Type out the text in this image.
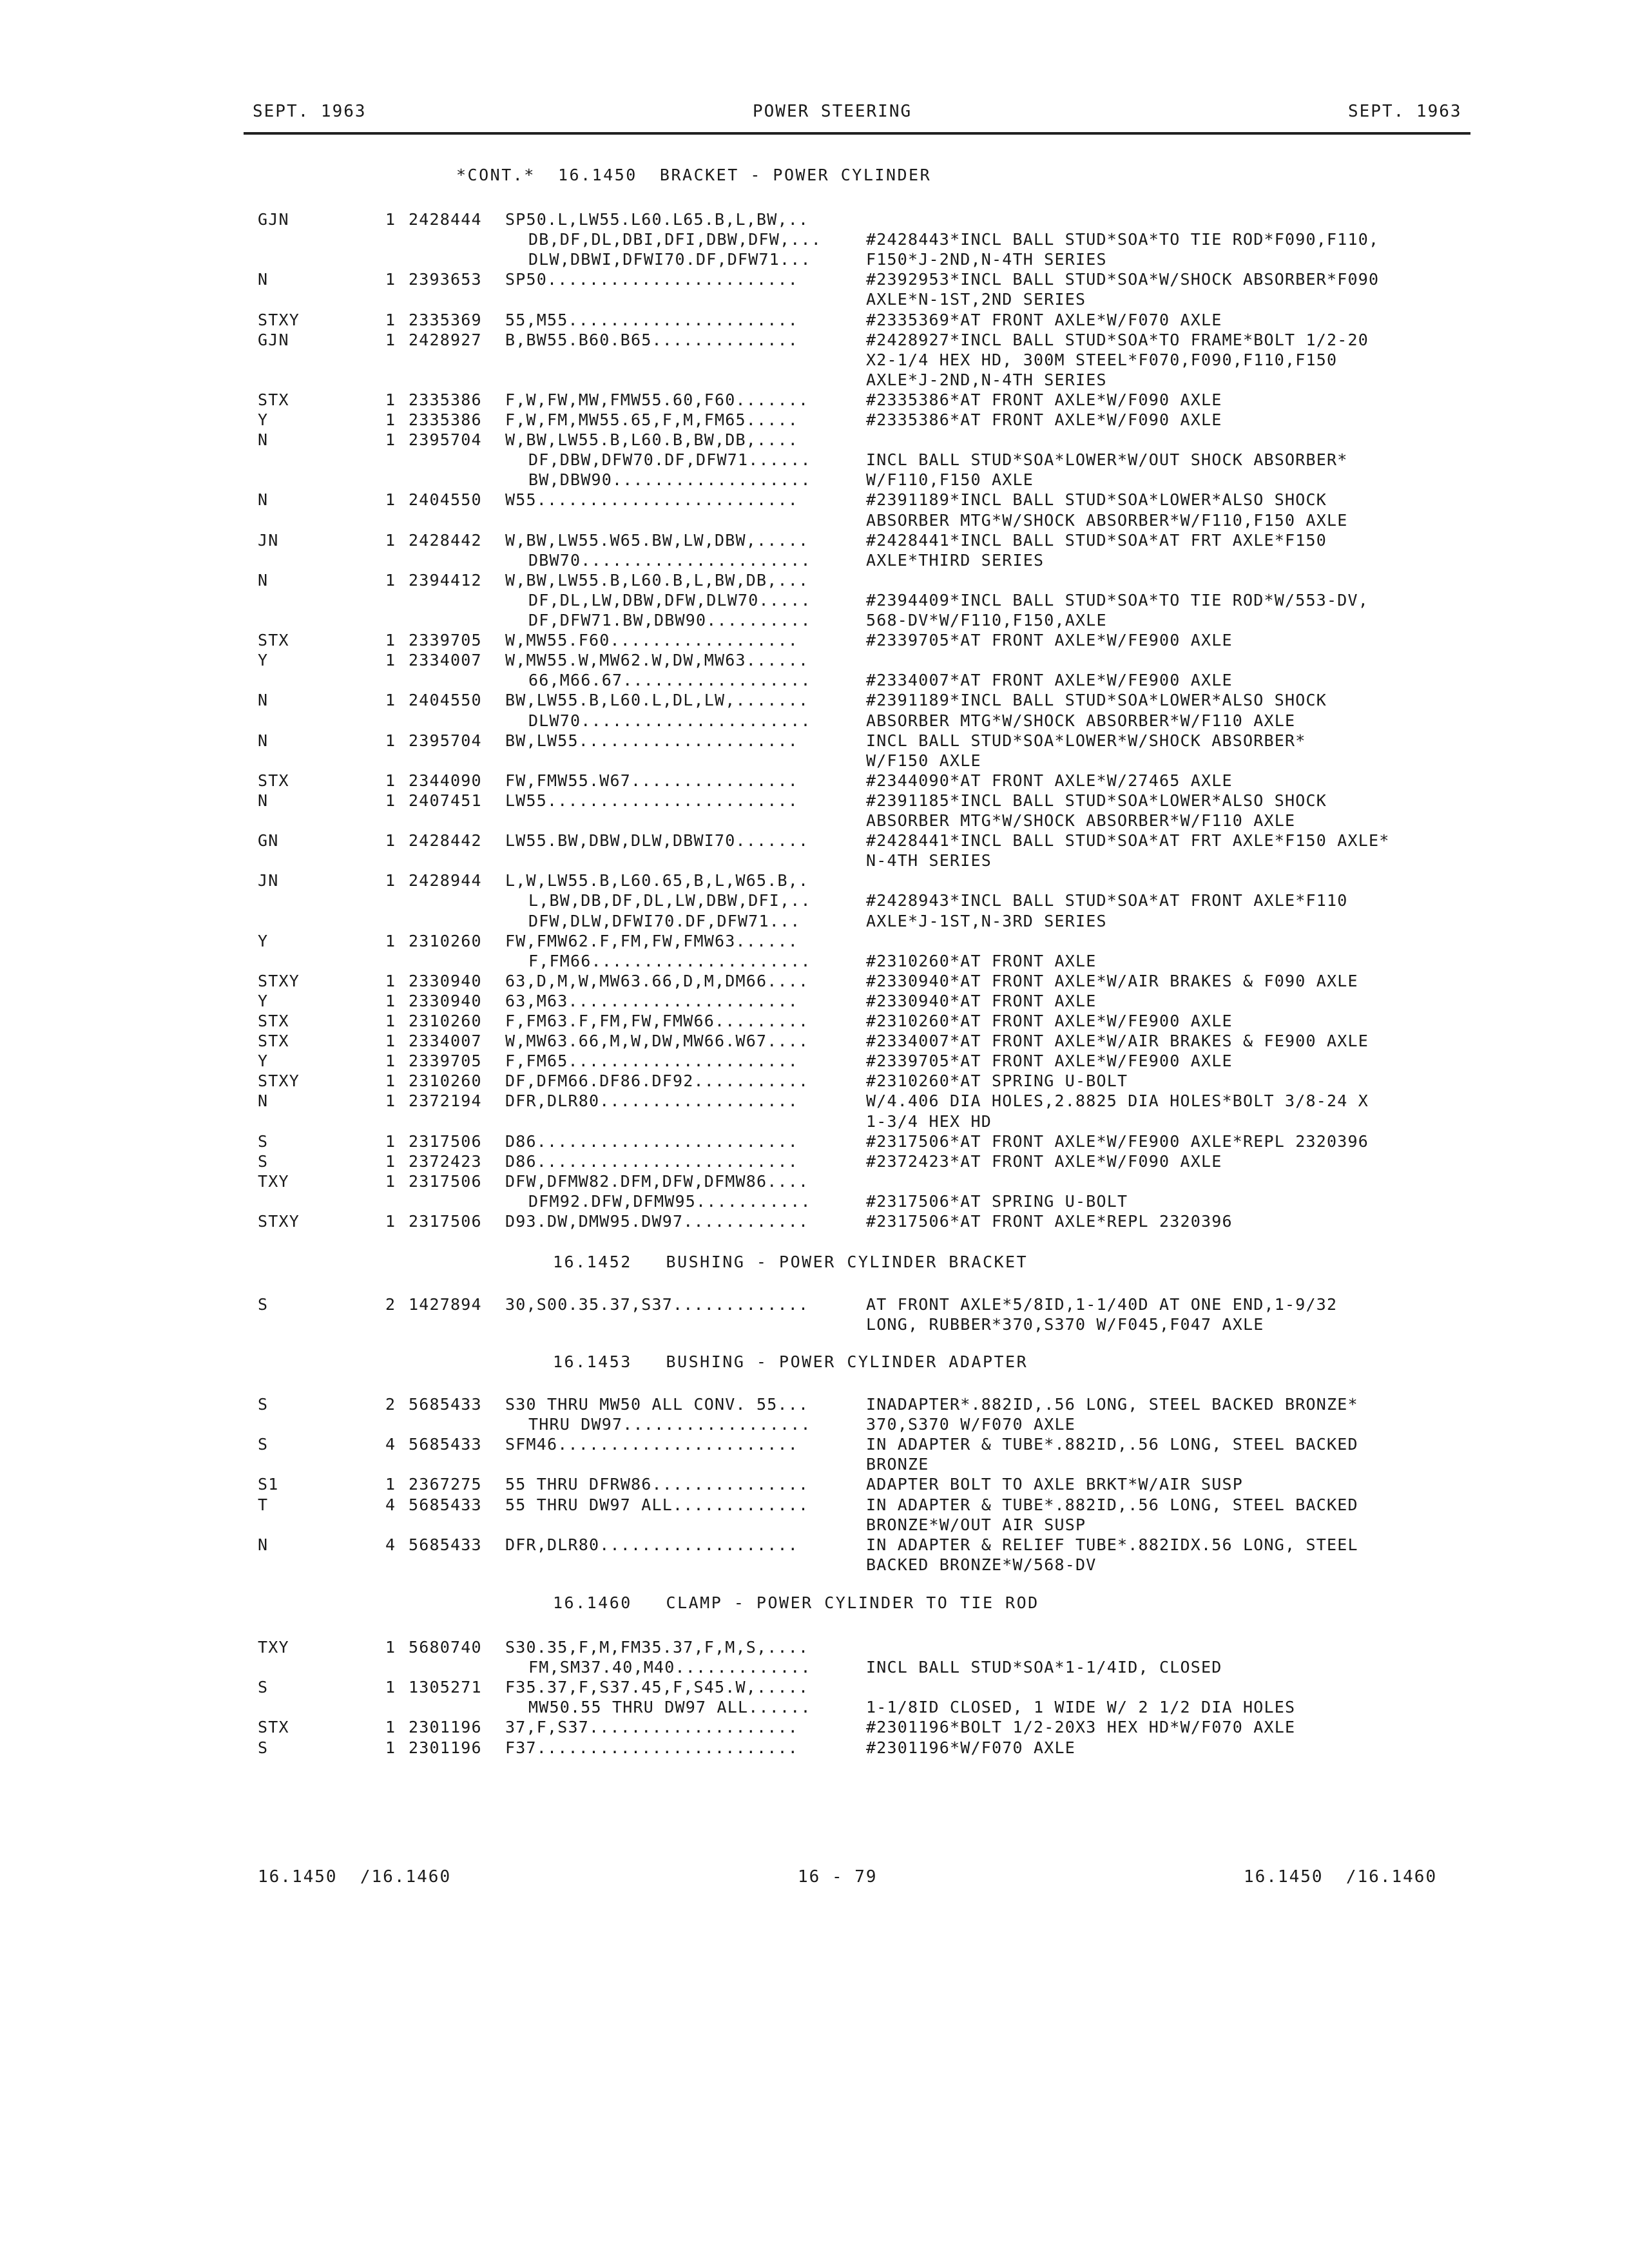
SEPT. 1963	POWER STEERING	SEPT. 1963
*CONT.*  16.1450  BRACKET - POWER CYLINDER
GJN	1 2428444 SP50.L,LW55.L60.L65.B,L,BW,..
DB,DF,DL,DBI,DFI,DBW,DFW,...	#2428443*INCL BALL STUD*SOA*TO TIE ROD*F090,F110,
DLW,DBWI,DFWI70.DF,DFW71...	F150*J-2ND,N-4TH SERIES
N	1 2393653 SP50........................	#2392953*INCL BALL STUD*SOA*W/SHOCK ABSORBER*F090
AXLE*N-1ST,2ND SERIES
STXY	1 2335369 55,M55......................	#2335369*AT FRONT AXLE*W/F070 AXLE
GJN	1 2428927 B,BW55.B60.B65..............	#2428927*INCL BALL STUD*SOA*TO FRAME*BOLT 1/2-20
X2-1/4 HEX HD, 300M STEEL*F070,F090,F110,F150
AXLE*J-2ND,N-4TH SERIES
STX	1 2335386 F,W,FW,MW,FMW55.60,F60.......	#2335386*AT FRONT AXLE*W/F090 AXLE
Y	1 2335386 F,W,FM,MW55.65,F,M,FM65.....	#2335386*AT FRONT AXLE*W/F090 AXLE
N	1 2395704 W,BW,LW55.B,L60.B,BW,DB,....
DF,DBW,DFW70.DF,DFW71......	INCL BALL STUD*SOA*LOWER*W/OUT SHOCK ABSORBER*
BW,DBW90...................	W/F110,F150 AXLE
N	1 2404550 W55.........................	#2391189*INCL BALL STUD*SOA*LOWER*ALSO SHOCK
ABSORBER MTG*W/SHOCK ABSORBER*W/F110,F150 AXLE
JN	1 2428442 W,BW,LW55.W65.BW,LW,DBW,.....	#2428441*INCL BALL STUD*SOA*AT FRT AXLE*F150
DBW70......................	AXLE*THIRD SERIES
N	1 2394412 W,BW,LW55.B,L60.B,L,BW,DB,...
DF,DL,LW,DBW,DFW,DLW70.....	#2394409*INCL BALL STUD*SOA*TO TIE ROD*W/553-DV,
DF,DFW71.BW,DBW90..........	568-DV*W/F110,F150,AXLE
STX	1 2339705 W,MW55.F60..................	#2339705*AT FRONT AXLE*W/FE900 AXLE
Y	1 2334007 W,MW55.W,MW62.W,DW,MW63......
66,M66.67..................	#2334007*AT FRONT AXLE*W/FE900 AXLE
N	1 2404550 BW,LW55.B,L60.L,DL,LW,.......	#2391189*INCL BALL STUD*SOA*LOWER*ALSO SHOCK
DLW70......................	ABSORBER MTG*W/SHOCK ABSORBER*W/F110 AXLE
N	1 2395704 BW,LW55.....................	INCL BALL STUD*SOA*LOWER*W/SHOCK ABSORBER*
W/F150 AXLE
STX	1 2344090 FW,FMW55.W67................	#2344090*AT FRONT AXLE*W/27465 AXLE
N	1 2407451 LW55........................	#2391185*INCL BALL STUD*SOA*LOWER*ALSO SHOCK
ABSORBER MTG*W/SHOCK ABSORBER*W/F110 AXLE
GN	1 2428442 LW55.BW,DBW,DLW,DBWI70.......	#2428441*INCL BALL STUD*SOA*AT FRT AXLE*F150 AXLE*
N-4TH SERIES
JN	1 2428944 L,W,LW55.B,L60.65,B,L,W65.B,.
L,BW,DB,DF,DL,LW,DBW,DFI,..	#2428943*INCL BALL STUD*SOA*AT FRONT AXLE*F110
DFW,DLW,DFWI70.DF,DFW71...	AXLE*J-1ST,N-3RD SERIES
Y	1 2310260 FW,FMW62.F,FM,FW,FMW63......
F,FM66.....................	#2310260*AT FRONT AXLE
STXY	1 2330940 63,D,M,W,MW63.66,D,M,DM66....	#2330940*AT FRONT AXLE*W/AIR BRAKES & F090 AXLE
Y	1 2330940 63,M63......................	#2330940*AT FRONT AXLE
STX	1 2310260 F,FM63.F,FM,FW,FMW66.........	#2310260*AT FRONT AXLE*W/FE900 AXLE
STX	1 2334007 W,MW63.66,M,W,DW,MW66.W67....	#2334007*AT FRONT AXLE*W/AIR BRAKES & FE900 AXLE
Y	1 2339705 F,FM65......................	#2339705*AT FRONT AXLE*W/FE900 AXLE
STXY	1 2310260 DF,DFM66.DF86.DF92...........	#2310260*AT SPRING U-BOLT
N	1 2372194 DFR,DLR80...................	W/4.406 DIA HOLES,2.8825 DIA HOLES*BOLT 3/8-24 X
1-3/4 HEX HD
S	1 2317506 D86.........................	#2317506*AT FRONT AXLE*W/FE900 AXLE*REPL 2320396
S	1 2372423 D86.........................	#2372423*AT FRONT AXLE*W/F090 AXLE
TXY	1 2317506 DFW,DFMW82.DFM,DFW,DFMW86....
DFM92.DFW,DFMW95...........	#2317506*AT SPRING U-BOLT
STXY	1 2317506 D93.DW,DMW95.DW97............	#2317506*AT FRONT AXLE*REPL 2320396
16.1452   BUSHING - POWER CYLINDER BRACKET
S	2 1427894 30,S00.35.37,S37.............	AT FRONT AXLE*5/8ID,1-1/40D AT ONE END,1-9/32
LONG, RUBBER*370,S370 W/F045,F047 AXLE
16.1453   BUSHING - POWER CYLINDER ADAPTER
S	2 5685433 S30 THRU MW50 ALL CONV. 55...	INADAPTER*.882ID,.56 LONG, STEEL BACKED BRONZE*
THRU DW97..................	370,S370 W/F070 AXLE
S	4 5685433 SFM46.......................	IN ADAPTER & TUBE*.882ID,.56 LONG, STEEL BACKED
BRONZE
S1	1 2367275 55 THRU DFRW86...............	ADAPTER BOLT TO AXLE BRKT*W/AIR SUSP
T	4 5685433 55 THRU DW97 ALL.............	IN ADAPTER & TUBE*.882ID,.56 LONG, STEEL BACKED
BRONZE*W/OUT AIR SUSP
N	4 5685433 DFR,DLR80...................	IN ADAPTER & RELIEF TUBE*.882IDX.56 LONG, STEEL
BACKED BRONZE*W/568-DV
16.1460   CLAMP - POWER CYLINDER TO TIE ROD
TXY	1 5680740 S30.35,F,M,FM35.37,F,M,S,....
FM,SM37.40,M40.............	INCL BALL STUD*SOA*1-1/4ID, CLOSED
S	1 1305271 F35.37,F,S37.45,F,S45.W,.....
MW50.55 THRU DW97 ALL......	1-1/8ID CLOSED, 1 WIDE W/ 2 1/2 DIA HOLES
STX	1 2301196 37,F,S37....................	#2301196*BOLT 1/2-20X3 HEX HD*W/F070 AXLE
S	1 2301196 F37.........................	#2301196*W/F070 AXLE
16.1450  /16.1460	16 - 79	16.1450  /16.1460
